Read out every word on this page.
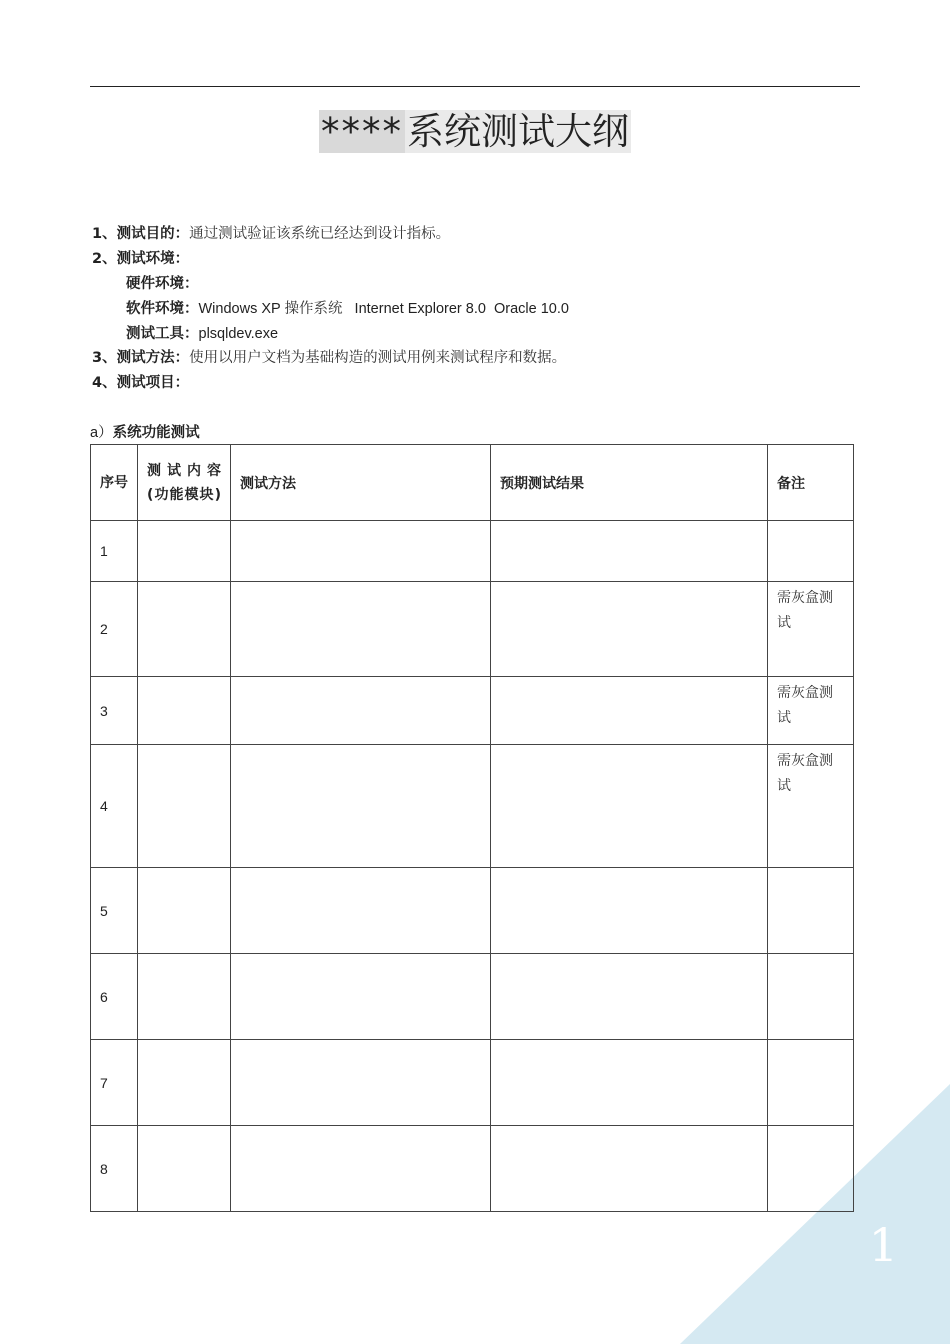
1
**** 系统测试大纲
1、测试目的：通过测试验证该系统已经达到设计指标。
2、测试环境：
硬件环境：
软件环境：Windows XP 操作系统   Internet Explorer 8.0  Oracle 10.0
测试工具：plsqldev.exe
3、测试方法：使用以用户文档为基础构造的测试用例来测试程序和数据。
4、测试项目：
a）系统功能测试
序号	测试内容(功能模块)	测试方法	预期测试结果	备注
1				
2				需灰盒测试
3				需灰盒测试
4				需灰盒测试
5				
6				
7				
8				
